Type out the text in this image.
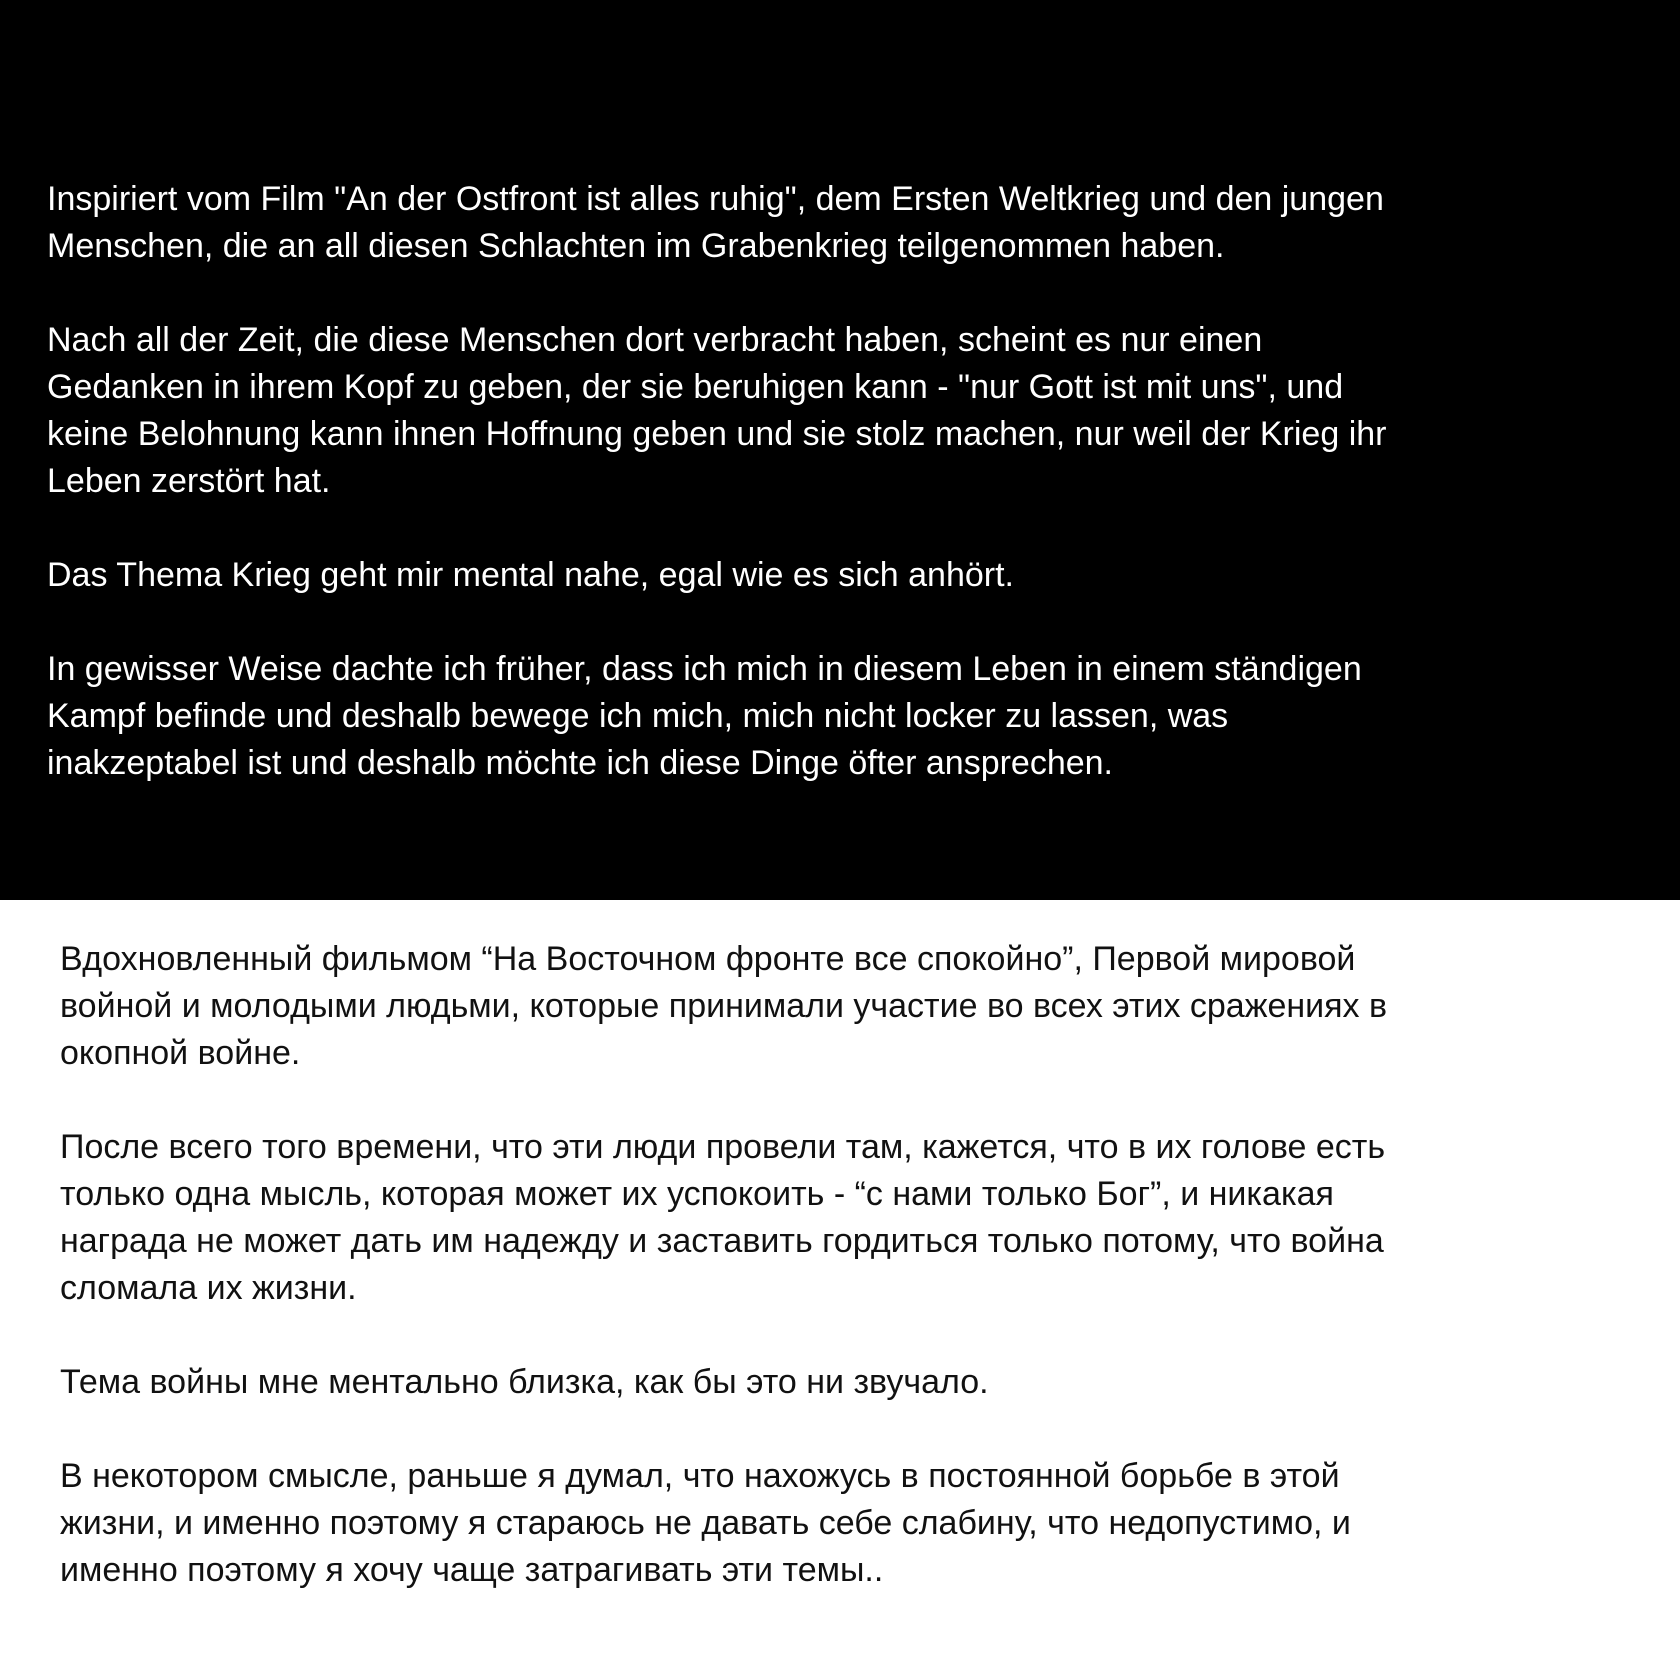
Inspiriert vom Film "An der Ostfront ist alles ruhig", dem Ersten Weltkrieg und den jungen
Menschen, die an all diesen Schlachten im Grabenkrieg teilgenommen haben.

Nach all der Zeit, die diese Menschen dort verbracht haben, scheint es nur einen
Gedanken in ihrem Kopf zu geben, der sie beruhigen kann - "nur Gott ist mit uns", und
keine Belohnung kann ihnen Hoffnung geben und sie stolz machen, nur weil der Krieg ihr
Leben zerstört hat.

Das Thema Krieg geht mir mental nahe, egal wie es sich anhört.

In gewisser Weise dachte ich früher, dass ich mich in diesem Leben in einem ständigen
Kampf befinde und deshalb bewege ich mich, mich nicht locker zu lassen, was
inakzeptabel ist und deshalb möchte ich diese Dinge öfter ansprechen.

Вдохновленный фильмом “На Восточном фронте все спокойно”, Первой мировой
войной и молодыми людьми, которые принимали участие во всех этих сражениях в
окопной войне.

После всего того времени, что эти люди провели там, кажется, что в их голове есть
только одна мысль, которая может их успокоить - “с нами только Бог”, и никакая
награда не может дать им надежду и заставить гордиться только потому, что война
сломала их жизни.

Тема войны мне ментально близка, как бы это ни звучало.

В некотором смысле, раньше я думал, что нахожусь в постоянной борьбе в этой
жизни, и именно поэтому я стараюсь не давать себе слабину, что недопустимо, и
именно поэтому я хочу чаще затрагивать эти темы..
